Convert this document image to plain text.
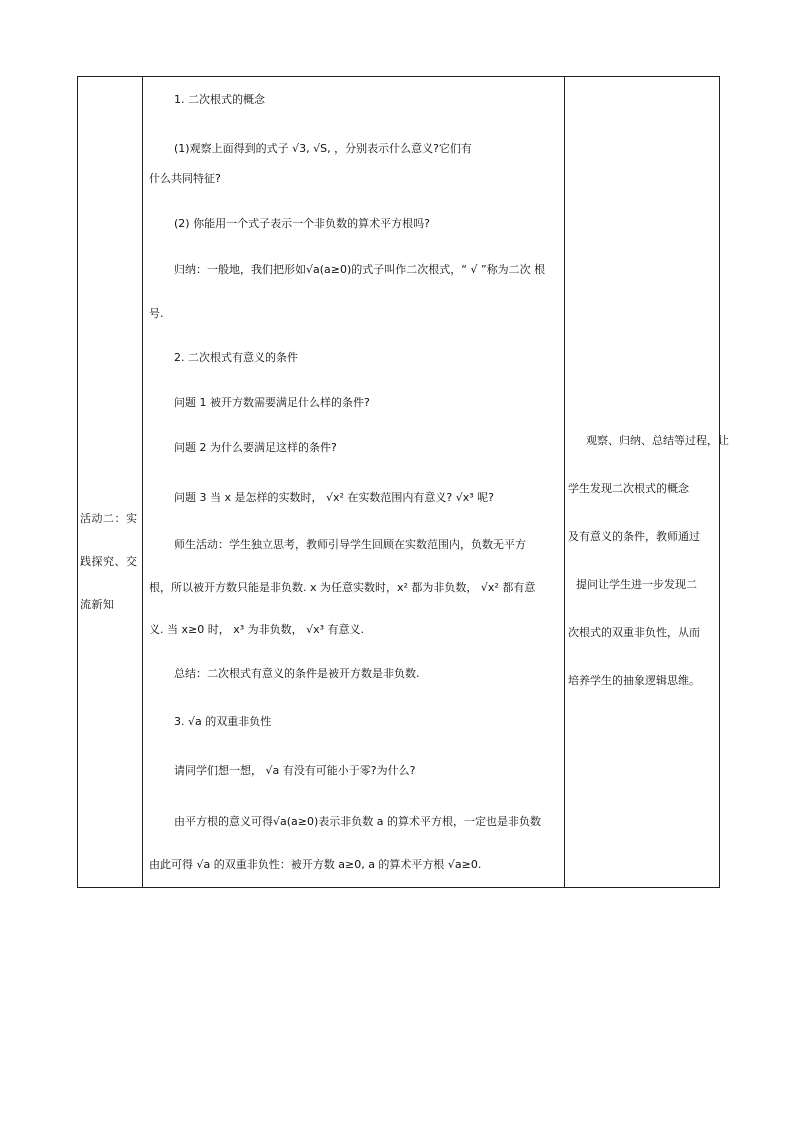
活动二：实
践探究、交
流新知
1. 二次根式的概念
(1)观察上面得到的式子 √3, √S, ，分别表示什么意义?它们有
什么共同特征?
(2) 你能用一个式子表示一个非负数的算术平方根吗?
归纳：一般地，我们把形如√a(a≥0)的式子叫作二次根式，“ √ ”称为二次 根
号.
2. 二次根式有意义的条件
问题 1 被开方数需要满足什么样的条件?
问题 2 为什么要满足这样的条件?
问题 3 当 x 是怎样的实数时， √x² 在实数范围内有意义? √x³ 呢?
师生活动：学生独立思考，教师引导学生回顾在实数范围内，负数无平方
根，所以被开方数只能是非负数. x 为任意实数时，x² 都为非负数， √x² 都有意
义. 当 x≥0 时， x³ 为非负数， √x³ 有意义.
总结：二次根式有意义的条件是被开方数是非负数.
3. √a 的双重非负性
请同学们想一想， √a 有没有可能小于零?为什么?
由平方根的意义可得√a(a≥0)表示非负数 a 的算术平方根，一定也是非负数
由此可得 √a 的双重非负性：被开方数 a≥0, a 的算术平方根 √a≥0.
观察、归纳、总结等过程，让
学生发现二次根式的概念
及有意义的条件，教师通过
提问让学生进一步发现二
次根式的双重非负性，从而
培养学生的抽象逻辑思维。
